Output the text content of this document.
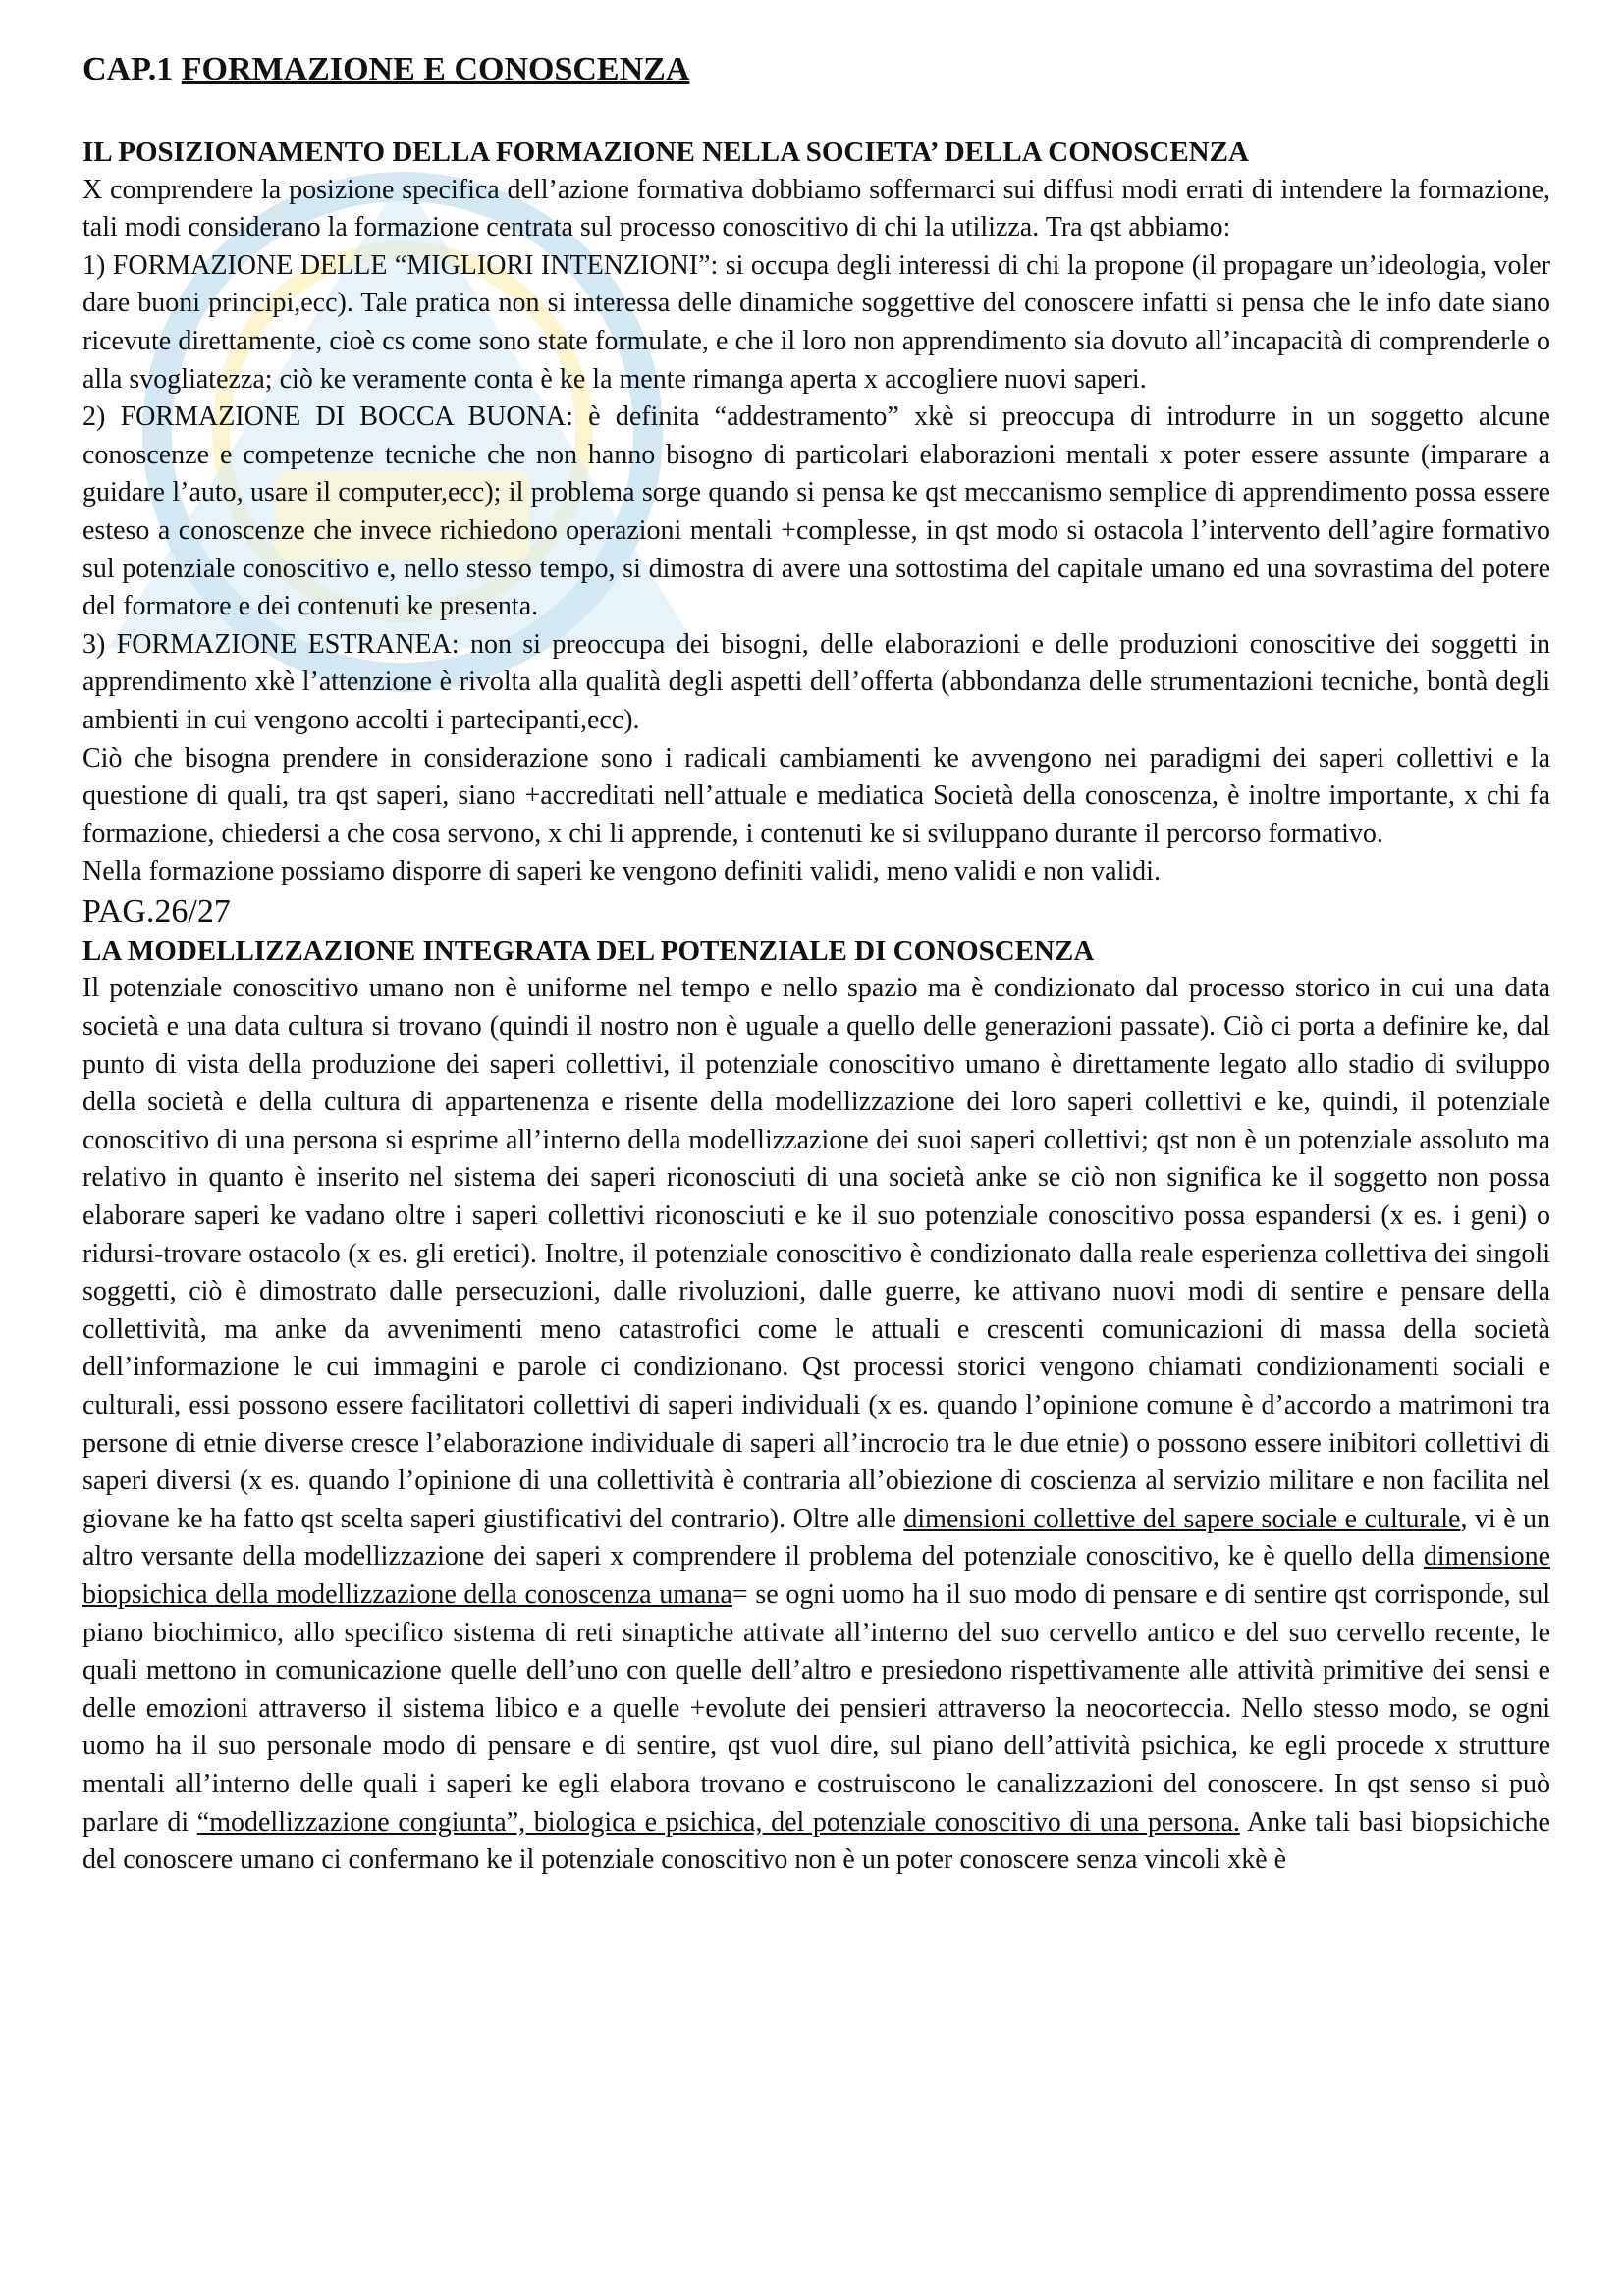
CAP.1 FORMAZIONE E CONOSCENZA
IL POSIZIONAMENTO DELLA FORMAZIONE NELLA SOCIETA’ DELLA CONOSCENZA

X comprendere la posizione specifica dell’azione formativa dobbiamo soffermarci sui diffusi modi errati di intendere la formazione, tali modi considerano la formazione centrata sul processo conoscitivo di chi la utilizza. Tra qst abbiamo:

1) FORMAZIONE DELLE “MIGLIORI INTENZIONI”: si occupa degli interessi di chi la propone (il propagare un’ideologia, voler dare buoni principi,ecc). Tale pratica non si interessa delle dinamiche soggettive del conoscere infatti si pensa che le info date siano ricevute direttamente, cioè cs come sono state formulate, e che il loro non apprendimento sia dovuto all’incapacità di comprenderle o alla svogliatezza; ciò ke veramente conta è ke la mente rimanga aperta x accogliere nuovi saperi.

2) FORMAZIONE DI BOCCA BUONA: è definita “addestramento” xkè si preoccupa di introdurre in un soggetto alcune conoscenze e competenze tecniche che non hanno bisogno di particolari elaborazioni mentali x poter essere assunte (imparare a guidare l’auto, usare il computer,ecc); il problema sorge quando si pensa ke qst meccanismo semplice di apprendimento possa essere esteso a conoscenze che invece richiedono operazioni mentali +complesse, in qst modo si ostacola l’intervento dell’agire formativo sul potenziale conoscitivo e, nello stesso tempo, si dimostra di avere una sottostima del capitale umano ed una sovrastima del potere del formatore e dei contenuti ke presenta.

3) FORMAZIONE ESTRANEA: non si preoccupa dei bisogni, delle elaborazioni e delle produzioni conoscitive dei soggetti in apprendimento xkè l’attenzione è rivolta alla qualità degli aspetti dell’offerta (abbondanza delle strumentazioni tecniche, bontà degli ambienti in cui vengono accolti i partecipanti,ecc).

Ciò che bisogna prendere in considerazione sono i radicali cambiamenti ke avvengono nei paradigmi dei saperi collettivi e la questione di quali, tra qst saperi, siano +accreditati nell’attuale e mediatica Società della conoscenza, è inoltre importante, x chi fa formazione, chiedersi a che cosa servono, x chi li apprende, i contenuti ke si sviluppano durante il percorso formativo.

Nella formazione possiamo disporre di saperi ke vengono definiti validi, meno validi e non validi.

PAG.26/27
LA MODELLIZZAZIONE INTEGRATA DEL POTENZIALE DI CONOSCENZA

Il potenziale conoscitivo umano non è uniforme nel tempo e nello spazio ma è condizionato dal processo storico in cui una data società e una data cultura si trovano (quindi il nostro non è uguale a quello delle generazioni passate). Ciò ci porta a definire ke, dal punto di vista della produzione dei saperi collettivi, il potenziale conoscitivo umano è direttamente legato allo stadio di sviluppo della società e della cultura di appartenenza e risente della modellizzazione dei loro saperi collettivi e ke, quindi, il potenziale conoscitivo di una persona si esprime all’interno della modellizzazione dei suoi saperi collettivi; qst non è un potenziale assoluto ma relativo in quanto è inserito nel sistema dei saperi riconosciuti di una società anke se ciò non significa ke il soggetto non possa elaborare saperi ke vadano oltre i saperi collettivi riconosciuti e ke il suo potenziale conoscitivo possa espandersi (x es. i geni) o ridursi-trovare ostacolo (x es. gli eretici). Inoltre, il potenziale conoscitivo è condizionato dalla reale esperienza collettiva dei singoli soggetti, ciò è dimostrato dalle persecuzioni, dalle rivoluzioni, dalle guerre, ke attivano nuovi modi di sentire e pensare della collettività, ma anke da avvenimenti meno catastrofici come le attuali e crescenti comunicazioni di massa della società dell’informazione le cui immagini e parole ci condizionano. Qst processi storici vengono chiamati condizionamenti sociali e culturali, essi possono essere facilitatori collettivi di saperi individuali (x es. quando l’opinione comune è d’accordo a matrimoni tra persone di etnie diverse cresce l’elaborazione individuale di saperi all’incrocio tra le due etnie) o possono essere inibitori collettivi di saperi diversi (x es. quando l’opinione di una collettività è contraria all’obiezione di coscienza al servizio militare e non facilita nel giovane ke ha fatto qst scelta saperi giustificativi del contrario). Oltre alle dimensioni collettive del sapere sociale e culturale, vi è un altro versante della modellizzazione dei saperi x comprendere il problema del potenziale conoscitivo, ke è quello della dimensione biopsichica della modellizzazione della conoscenza umana= se ogni uomo ha il suo modo di pensare e di sentire qst corrisponde, sul piano biochimico, allo specifico sistema di reti sinaptiche attivate all’interno del suo cervello antico e del suo cervello recente, le quali mettono in comunicazione quelle dell’uno con quelle dell’altro e presiedono rispettivamente alle attività primitive dei sensi e delle emozioni attraverso il sistema libico e a quelle +evolute dei pensieri attraverso la neocortecciа. Nello stesso modo, se ogni uomo ha il suo personale modo di pensare e di sentire, qst vuol dire, sul piano dell’attività psichica, ke egli procede x strutture mentali all’interno delle quali i saperi ke egli elabora trovano e costruiscono le canalizzazioni del conoscere. In qst senso si può parlare di “modellizzazione congiunta”, biologica e psichica, del potenziale conoscitivo di una persona. Anke tali basi biopsichiche del conoscere umano ci confermano ke il potenziale conoscitivo non è un poter conoscere senza vincoli xkè è
